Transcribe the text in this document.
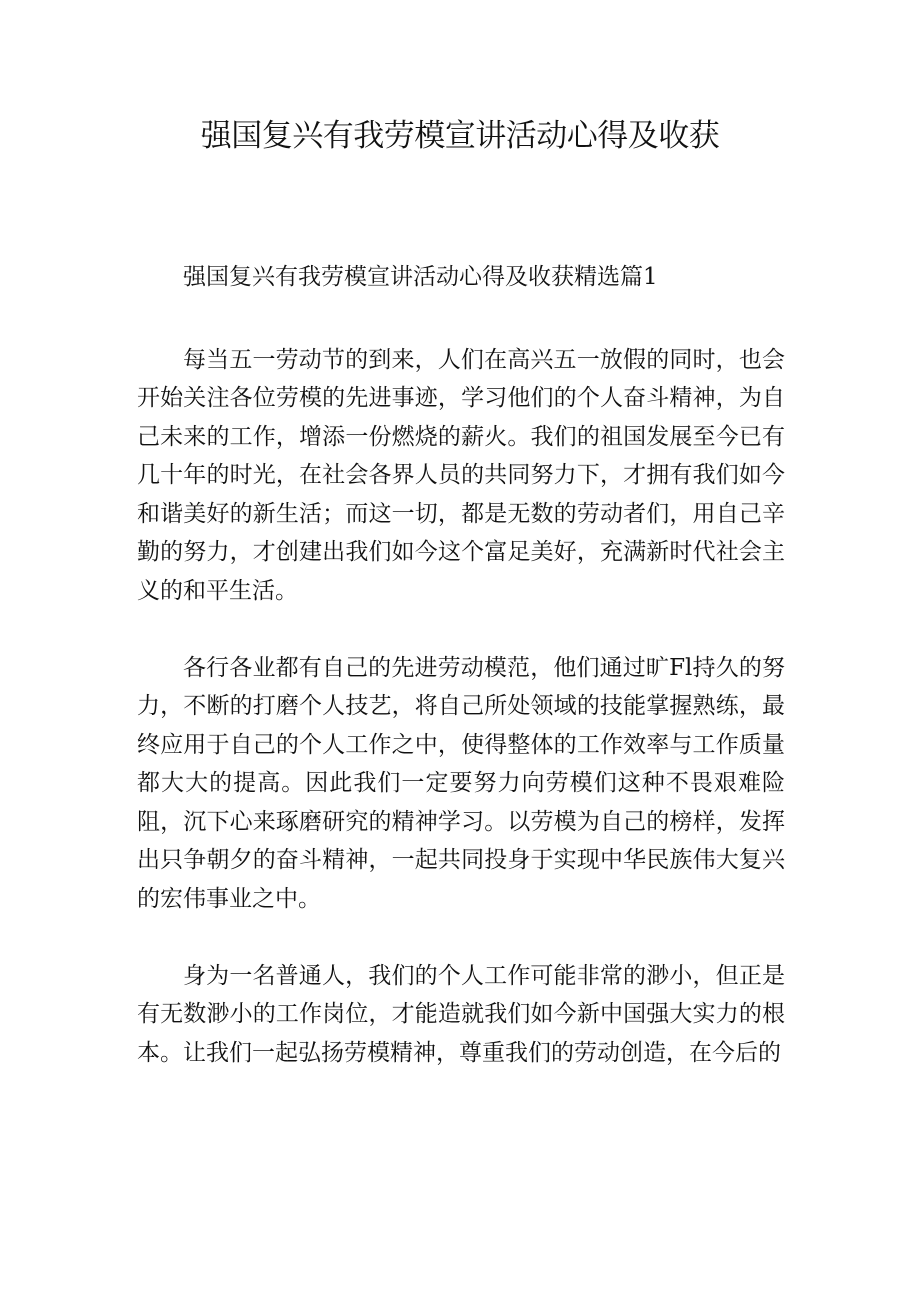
强国复兴有我劳模宣讲活动心得及收获

强国复兴有我劳模宣讲活动心得及收获精选篇1

每当五一劳动节的到来，人们在高兴五一放假的同时，也会开始关注各位劳模的先进事迹，学习他们的个人奋斗精神，为自己未来的工作，增添一份燃烧的薪火。我们的祖国发展至今已有几十年的时光，在社会各界人员的共同努力下，才拥有我们如今和谐美好的新生活；而这一切，都是无数的劳动者们，用自己辛勤的努力，才创建出我们如今这个富足美好，充满新时代社会主义的和平生活。

各行各业都有自己的先进劳动模范，他们通过旷Fl持久的努力，不断的打磨个人技艺，将自己所处领域的技能掌握熟练，最终应用于自己的个人工作之中，使得整体的工作效率与工作质量都大大的提高。因此我们一定要努力向劳模们这种不畏艰难险阻，沉下心来琢磨研究的精神学习。以劳模为自己的榜样，发挥出只争朝夕的奋斗精神，一起共同投身于实现中华民族伟大复兴的宏伟事业之中。

身为一名普通人，我们的个人工作可能非常的渺小，但正是有无数渺小的工作岗位，才能造就我们如今新中国强大实力的根本。让我们一起弘扬劳模精神，尊重我们的劳动创造，在今后的
